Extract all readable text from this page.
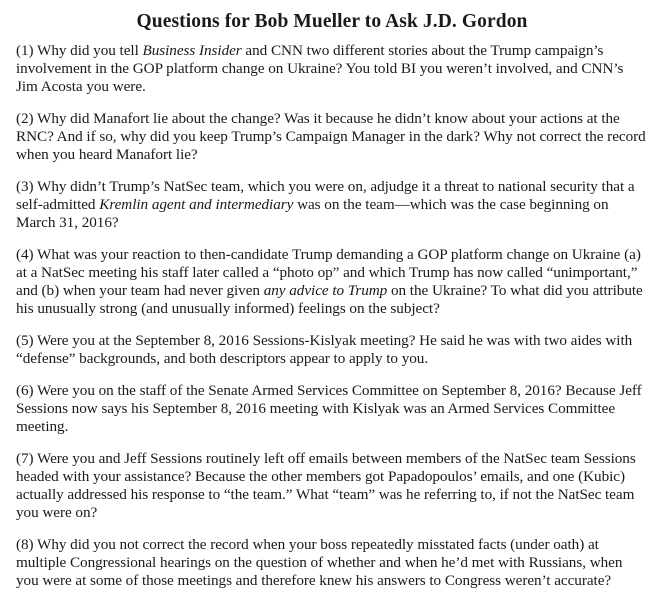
Questions for Bob Mueller to Ask J.D. Gordon
(1) Why did you tell Business Insider and CNN two different stories about the Trump campaign’s involvement in the GOP platform change on Ukraine? You told BI you weren’t involved, and CNN’s Jim Acosta you were.
(2) Why did Manafort lie about the change? Was it because he didn’t know about your actions at the RNC? And if so, why did you keep Trump’s Campaign Manager in the dark? Why not correct the record when you heard Manafort lie?
(3) Why didn’t Trump’s NatSec team, which you were on, adjudge it a threat to national security that a self-admitted Kremlin agent and intermediary was on the team—which was the case beginning on March 31, 2016?
(4) What was your reaction to then-candidate Trump demanding a GOP platform change on Ukraine (a) at a NatSec meeting his staff later called a “photo op” and which Trump has now called “unimportant,” and (b) when your team had never given any advice to Trump on the Ukraine? To what did you attribute his unusually strong (and unusually informed) feelings on the subject?
(5) Were you at the September 8, 2016 Sessions-Kislyak meeting? He said he was with two aides with “defense” backgrounds, and both descriptors appear to apply to you.
(6) Were you on the staff of the Senate Armed Services Committee on September 8, 2016? Because Jeff Sessions now says his September 8, 2016 meeting with Kislyak was an Armed Services Committee meeting.
(7) Were you and Jeff Sessions routinely left off emails between members of the NatSec team Sessions headed with your assistance? Because the other members got Papadopoulos’ emails, and one (Kubic) actually addressed his response to “the team.” What “team” was he referring to, if not the NatSec team you were on?
(8) Why did you not correct the record when your boss repeatedly misstated facts (under oath) at multiple Congressional hearings on the question of whether and when he’d met with Russians, when you were at some of those meetings and therefore knew his answers to Congress weren’t accurate?
